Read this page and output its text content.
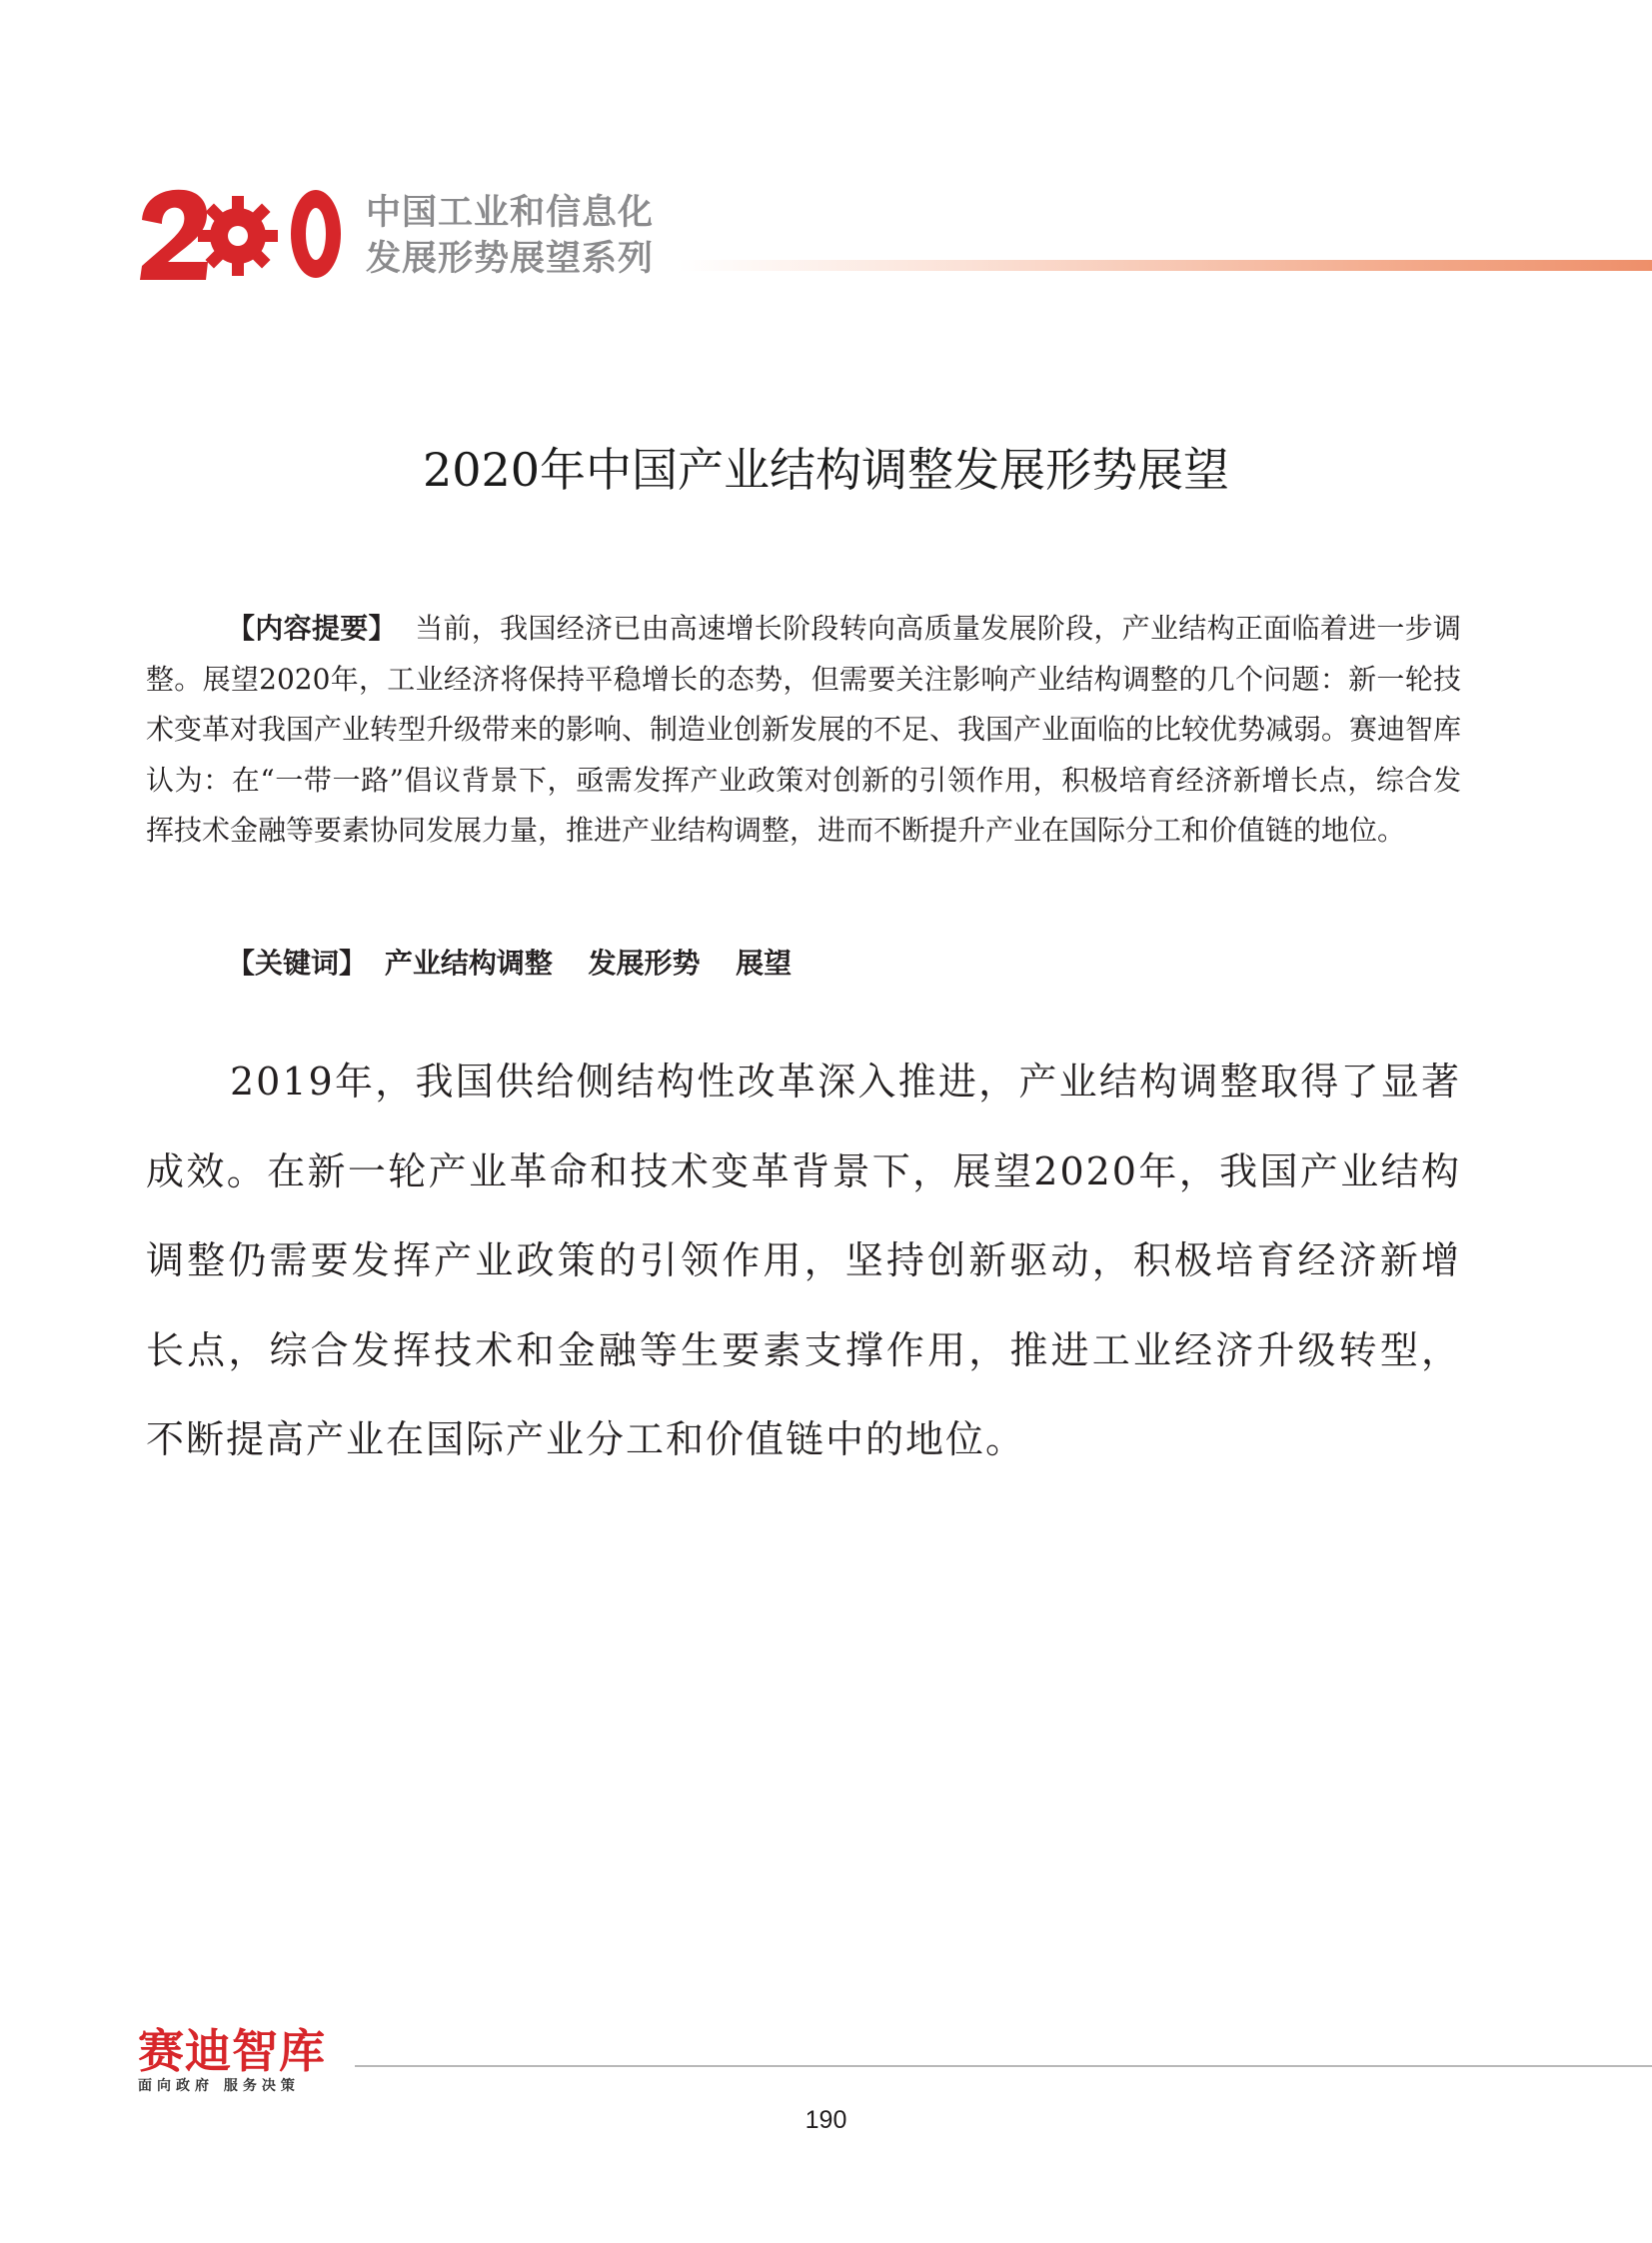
中国工业和信息化
发展形势展望系列
2020年中国产业结构调整发展形势展望
【内容提要】 当前，我国经济已由高速增长阶段转向高质量发展阶段，产业结构正面临着进一步调整。展望2020年，工业经济将保持平稳增长的态势，但需要关注影响产业结构调整的几个问题：新一轮技术变革对我国产业转型升级带来的影响、制造业创新发展的不足、我国产业面临的比较优势减弱。赛迪智库认为：在“一带一路”倡议背景下，亟需发挥产业政策对创新的引领作用，积极培育经济新增长点，综合发挥技术金融等要素协同发展力量，推进产业结构调整，进而不断提升产业在国际分工和价值链的地位。
【关键词】 产业结构调整 发展形势 展望
2019年，我国供给侧结构性改革深入推进，产业结构调整取得了显著成效。在新一轮产业革命和技术变革背景下，展望2020年，我国产业结构调整仍需要发挥产业政策的引领作用，坚持创新驱动，积极培育经济新增长点，综合发挥技术和金融等生要素支撑作用，推进工业经济升级转型，不断提高产业在国际产业分工和价值链中的地位。
赛迪智库
面向政府 服务决策
190
